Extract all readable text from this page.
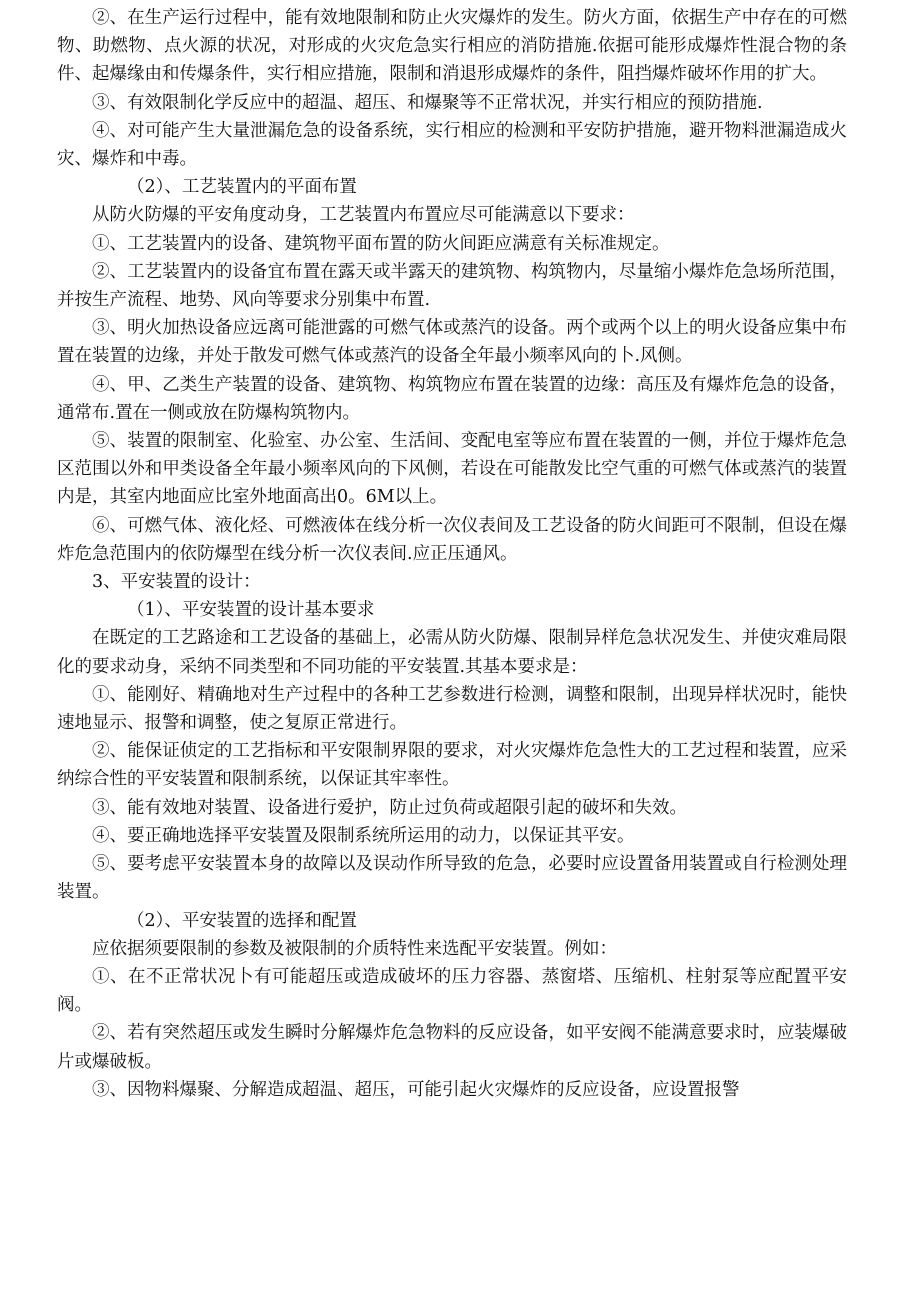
②、在生产运行过程中，能有效地限制和防止火灾爆炸的发生。防火方面，依据生产中存在的可燃物、助燃物、点火源的状况，对形成的火灾危急实行相应的消防措施.依据可能形成爆炸性混合物的条件、起爆缘由和传爆条件，实行相应措施，限制和消退形成爆炸的条件，阻挡爆炸破坏作用的扩大。

③、有效限制化学反应中的超温、超压、和爆聚等不正常状况，并实行相应的预防措施.

④、对可能产生大量泄漏危急的设备系统，实行相应的检测和平安防护措施，避开物料泄漏造成火灾、爆炸和中毒。

（2）、工艺装置内的平面布置

从防火防爆的平安角度动身，工艺装置内布置应尽可能满意以下要求：

①、工艺装置内的设备、建筑物平面布置的防火间距应满意有关标准规定。

②、工艺装置内的设备宜布置在露天或半露天的建筑物、构筑物内，尽量缩小爆炸危急场所范围，并按生产流程、地势、风向等要求分别集中布置.

③、明火加热设备应远离可能泄露的可燃气体或蒸汽的设备。两个或两个以上的明火设备应集中布置在装置的边缘，并处于散发可燃气体或蒸汽的设备全年最小频率风向的卜.风侧。

④、甲、乙类生产装置的设备、建筑物、构筑物应布置在装置的边缘：高压及有爆炸危急的设备，通常布.置在一侧或放在防爆构筑物内。

⑤、装置的限制室、化验室、办公室、生活间、变配电室等应布置在装置的一侧，并位于爆炸危急区范围以外和甲类设备全年最小频率风向的下风侧，若设在可能散发比空气重的可燃气体或蒸汽的装置内是，其室内地面应比室外地面高出0。6M以上。

⑥、可燃气体、液化烃、可燃液体在线分析一次仪表间及工艺设备的防火间距可不限制，但设在爆炸危急范围内的依防爆型在线分析一次仪表间.应正压通风。

3、平安装置的设计：

（1）、平安装置的设计基本要求

在既定的工艺路途和工艺设备的基础上，必需从防火防爆、限制异样危急状况发生、并使灾难局限化的要求动身，采纳不同类型和不同功能的平安装置.其基本要求是：

①、能刚好、精确地对生产过程中的各种工艺参数进行检测，调整和限制，出现异样状况时，能快速地显示、报警和调整，使之复原正常进行。

②、能保证侦定的工艺指标和平安限制界限的要求，对火灾爆炸危急性大的工艺过程和装置，应采纳综合性的平安装置和限制系统，以保证其牢率性。

③、能有效地对装置、设备进行爱护，防止过负荷或超限引起的破坏和失效。

④、要正确地选择平安装置及限制系统所运用的动力，以保证其平安。

⑤、要考虑平安装置本身的故障以及误动作所导致的危急，必要时应设置备用装置或自行检测处理装置。

（2）、平安装置的选择和配置

应依据须要限制的参数及被限制的介质特性来选配平安装置。例如：

①、在不正常状况卜有可能超压或造成破坏的压力容器、蒸窗塔、压缩机、柱射泵等应配置平安阀。

②、若有突然超压或发生瞬时分解爆炸危急物料的反应设备，如平安阀不能满意要求时，应装爆破片或爆破板。

③、因物料爆聚、分解造成超温、超压，可能引起火灾爆炸的反应设备，应设置报警
